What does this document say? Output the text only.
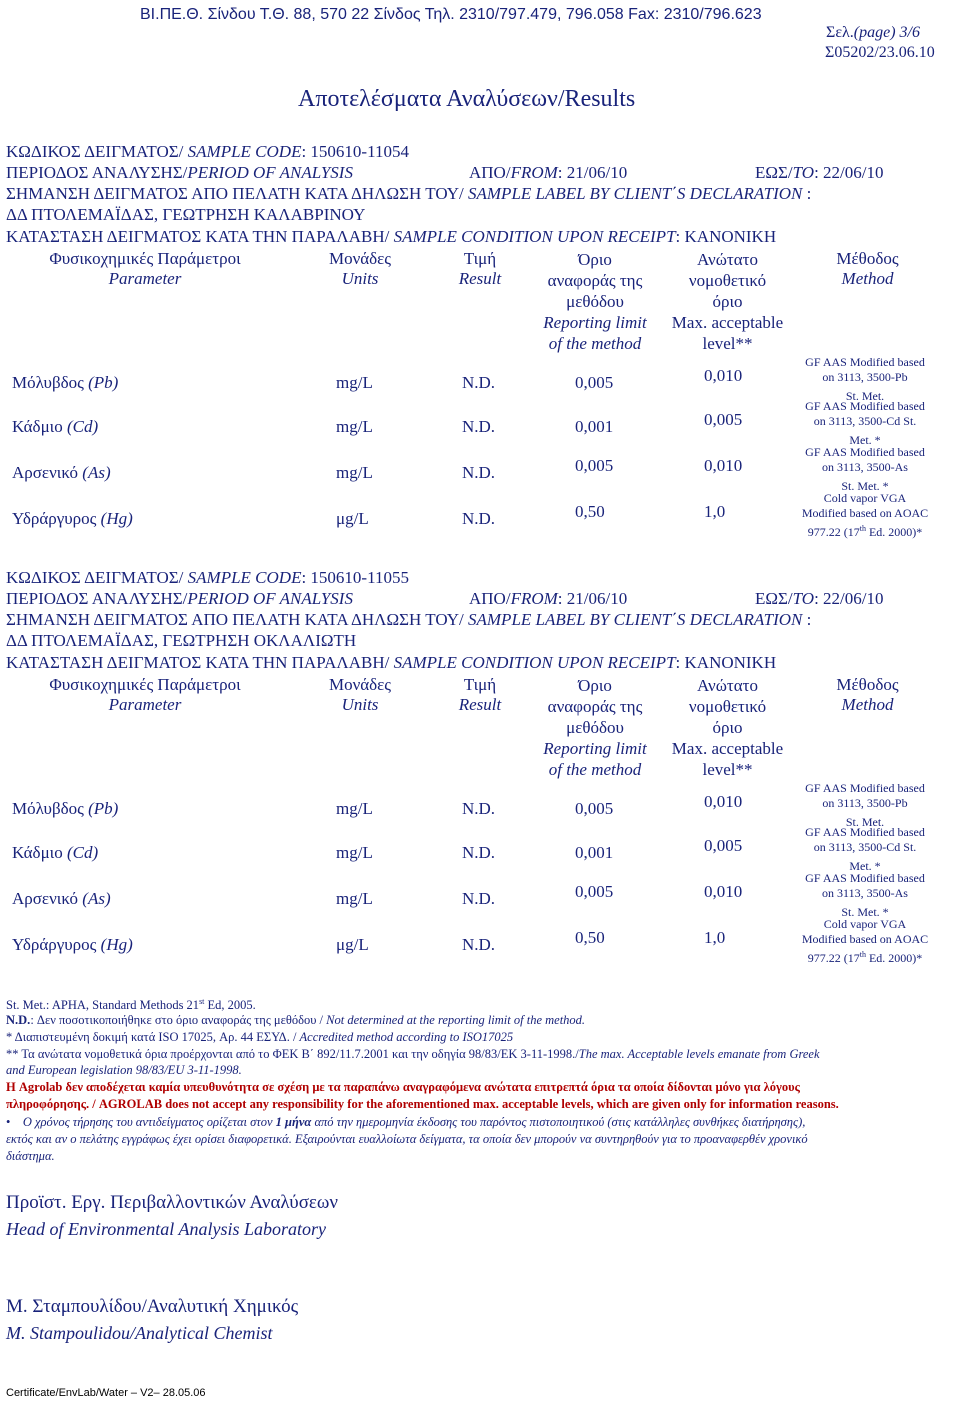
ΒΙ.ΠΕ.Θ. Σίνδου Τ.Θ. 88, 570 22 Σίνδος Τηλ. 2310/797.479, 796.058 Fax: 2310/796.623
Σελ.(page) 3/6
Σ05202/23.06.10
Αποτελέσματα Αναλύσεων/Results
ΚΩΔΙΚΟΣ ΔΕΙΓΜΑΤΟΣ/ SAMPLE CODE: 150610-11054
ΠΕΡΙΟΔΟΣ ΑΝΑΛΥΣΗΣ/PERIOD OF ANALYSIS	ΑΠΟ/FROM: 21/06/10	ΕΩΣ/TO: 22/06/10
ΣΗΜΑΝΣΗ ΔΕΙΓΜΑΤΟΣ ΑΠΟ ΠΕΛΑΤΗ ΚΑΤΑ ΔΗΛΩΣΗ ΤΟΥ/ SAMPLE LABEL BY CLIENT΄S DECLARATION :
ΔΔ ΠΤΟΛΕΜΑΪΔΑΣ, ΓΕΩΤΡΗΣΗ ΚΑΛΑΒΡΙΝΟΥ
ΚΑΤΑΣΤΑΣΗ ΔΕΙΓΜΑΤΟΣ ΚΑΤΑ ΤΗΝ ΠΑΡΑΛΑΒΗ/ SAMPLE CONDITION UPON RECEIPT: ΚΑΝΟΝΙΚΗ
Φυσικοχημικές Παράμετροι
Parameter
Μονάδες
Units
Τιμή
Result
Όριο
αναφοράς της
μεθόδου
Reporting limit
of the method
Ανώτατο
νομοθετικό
όριο
Max. acceptable
level**
Μέθοδος
Method
Μόλυβδος (Pb)	mg/L	N.D.	0,005	0,010
GF AAS Modified based
on 3113, 3500-Pb
St. Met.
Κάδμιο (Cd)	mg/L	N.D.	0,001	0,005
GF AAS Modified based
on 3113, 3500-Cd St.
Met. *
Αρσενικό (As)	mg/L	N.D.	0,005	0,010
GF AAS Modified based
on 3113, 3500-As
St. Met. *
Υδράργυρος (Hg)	μg/L	N.D.	0,50	1,0
Cold vapor VGA
Modified based on AOAC
977.22 (17th Ed. 2000)*
ΚΩΔΙΚΟΣ ΔΕΙΓΜΑΤΟΣ/ SAMPLE CODE: 150610-11055
ΠΕΡΙΟΔΟΣ ΑΝΑΛΥΣΗΣ/PERIOD OF ANALYSIS	ΑΠΟ/FROM: 21/06/10	ΕΩΣ/TO: 22/06/10
ΣΗΜΑΝΣΗ ΔΕΙΓΜΑΤΟΣ ΑΠΟ ΠΕΛΑΤΗ ΚΑΤΑ ΔΗΛΩΣΗ ΤΟΥ/ SAMPLE LABEL BY CLIENT΄S DECLARATION :
ΔΔ ΠΤΟΛΕΜΑΪΔΑΣ, ΓΕΩΤΡΗΣΗ ΟΚΛΑΛΙΩΤΗ
ΚΑΤΑΣΤΑΣΗ ΔΕΙΓΜΑΤΟΣ ΚΑΤΑ ΤΗΝ ΠΑΡΑΛΑΒΗ/ SAMPLE CONDITION UPON RECEIPT: ΚΑΝΟΝΙΚΗ
Φυσικοχημικές Παράμετροι
Parameter
Μονάδες
Units
Τιμή
Result
Όριο
αναφοράς της
μεθόδου
Reporting limit
of the method
Ανώτατο
νομοθετικό
όριο
Max. acceptable
level**
Μέθοδος
Method
Μόλυβδος (Pb)	mg/L	N.D.	0,005	0,010
GF AAS Modified based
on 3113, 3500-Pb
St. Met.
Κάδμιο (Cd)	mg/L	N.D.	0,001	0,005
GF AAS Modified based
on 3113, 3500-Cd St.
Met. *
Αρσενικό (As)	mg/L	N.D.	0,005	0,010
GF AAS Modified based
on 3113, 3500-As
St. Met. *
Υδράργυρος (Hg)	μg/L	N.D.	0,50	1,0
Cold vapor VGA
Modified based on AOAC
977.22 (17th Ed. 2000)*
St. Met.: APHA, Standard Methods 21st Ed, 2005.
N.D.: Δεν ποσοτικοποιήθηκε στο όριο αναφοράς της μεθόδου / Not determined at the reporting limit of the method.
* Διαπιστευμένη δοκιμή κατά ISO 17025, Αρ. 44 ΕΣΥΔ. / Accredited method according to ISO17025
** Τα ανώτατα νομοθετικά όρια προέρχονται από το ΦΕΚ Β΄ 892/11.7.2001 και την οδηγία 98/83/ΕΚ 3-11-1998./The max. Acceptable levels emanate from Greek
and European legislation 98/83/EU 3-11-1998.
Η Agrolab δεν αποδέχεται καμία υπευθυνότητα σε σχέση με τα παραπάνω αναγραφόμενα ανώτατα επιτρεπτά όρια τα οποία δίδονται μόνο για λόγους
πληροφόρησης. / AGROLAB does not accept any responsibility for the aforementioned max. acceptable levels, which are given only for information reasons.
•    Ο χρόνος τήρησης του αντιδείγματος ορίζεται στον 1 μήνα από την ημερομηνία έκδοσης του παρόντος πιστοποιητικού (στις κατάλληλες συνθήκες διατήρησης),
εκτός και αν ο πελάτης εγγράφως έχει ορίσει διαφορετικά. Εξαιρούνται ευαλλοίωτα δείγματα, τα οποία δεν μπορούν να συντηρηθούν για το προαναφερθέν χρονικό
διάστημα.
Προϊστ. Εργ. Περιβαλλοντικών Αναλύσεων
Head of Environmental Analysis Laboratory
Μ. Σταμπουλίδου/Αναλυτική Χημικός
M. Stampoulidou/Analytical Chemist
Certificate/EnvLab/Water – V2– 28.05.06
